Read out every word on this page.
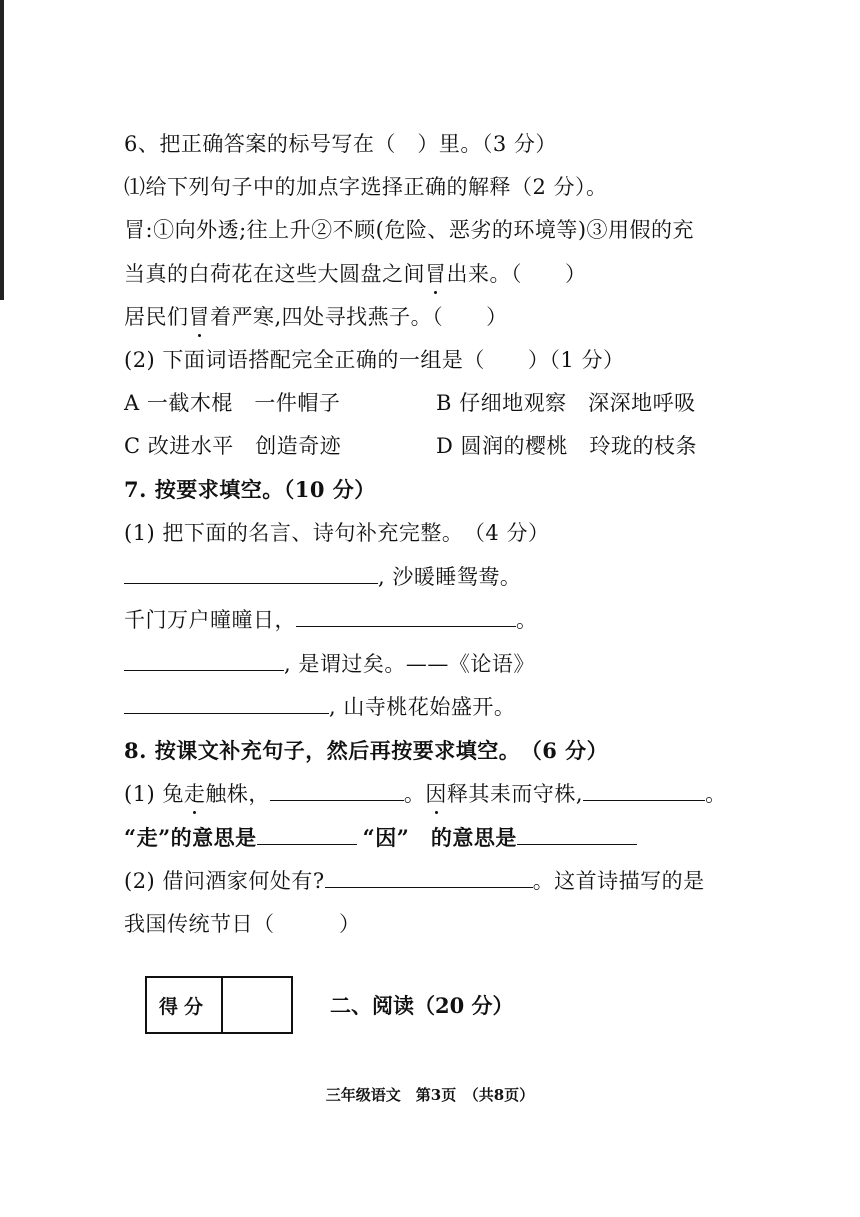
6、把正确答案的标号写在（　）里。（3 分）
⑴给下列句子中的加点字选择正确的解释（2 分）。
冒:①向外透;往上升②不顾(危险、恶劣的环境等)③用假的充
当真的白荷花在这些大圆盘之间冒出来。（　　）
居民们冒着严寒,四处寻找燕子。（　　）
(2) 下面词语搭配完全正确的一组是（　　）（1 分）
A 一截木棍　一件帽子	B 仔细地观察　深深地呼吸
C 改进水平　创造奇迹	D 圆润的樱桃　玲珑的枝条
7. 按要求填空。（10 分）
(1) 把下面的名言、诗句补充完整。　（4 分）
, 沙暖睡鸳鸯。
千门万户曈曈日，	。
, 是谓过矣。——《论语》
, 山寺桃花始盛开。
8. 按课文补充句子，然后再按要求填空。　（6 分）
(1) 兔走触株，	。因释其耒而守株,	。
“走”的意思是	“因”　的意思是
(2) 借问酒家何处有?	。这首诗描写的是
我国传统节日（　　　）
得分	二、阅读（20 分）
三年级语文　第3页　（共8页）
